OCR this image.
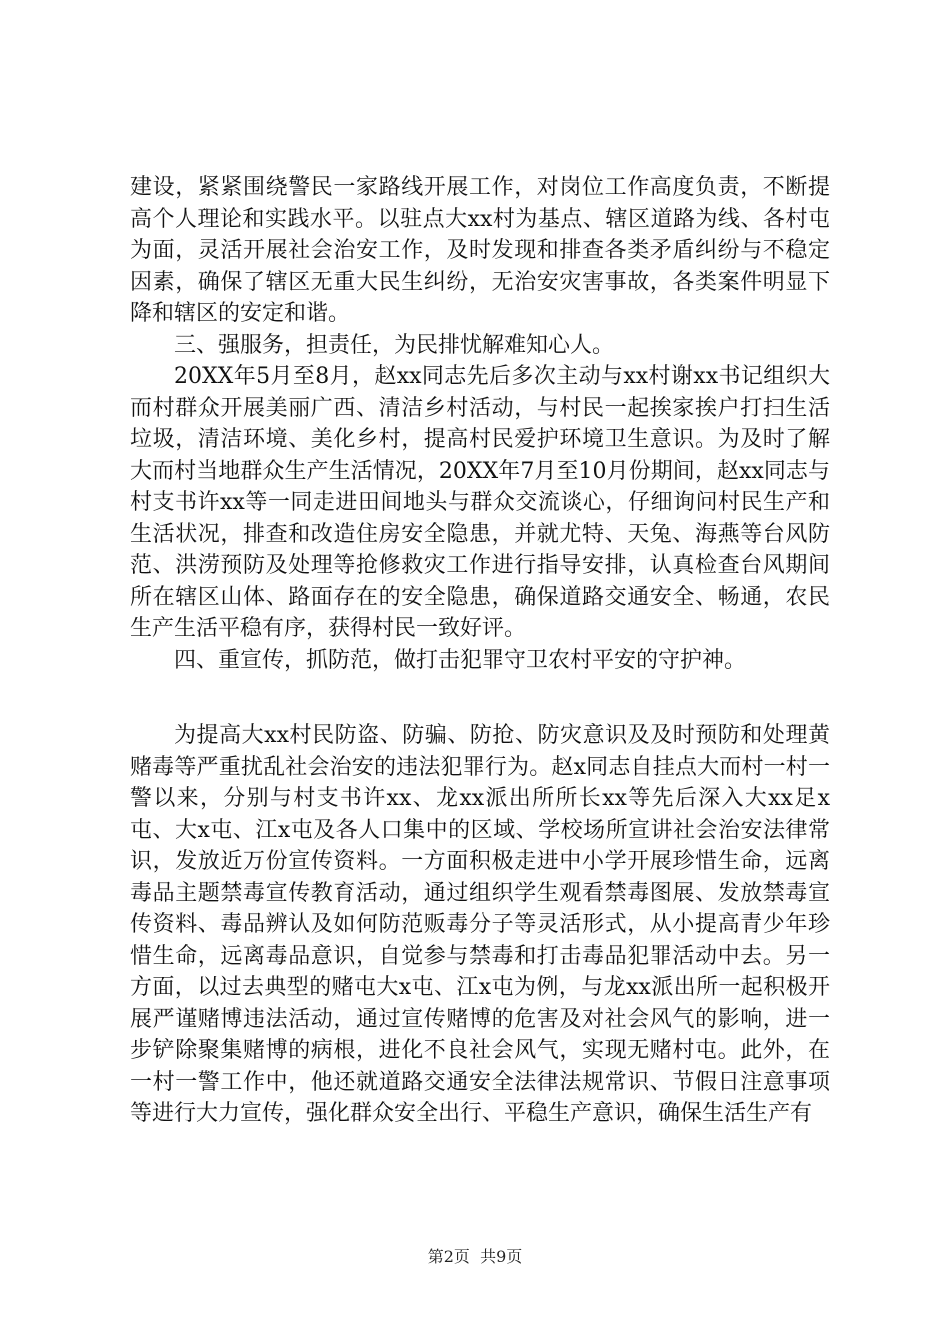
建设，紧紧围绕警民一家路线开展工作，对岗位工作高度负责，不断提高个人理论和实践水平。以驻点大xx村为基点、辖区道路为线、各村屯为面，灵活开展社会治安工作，及时发现和排查各类矛盾纠纷与不稳定因素，确保了辖区无重大民生纠纷，无治安灾害事故，各类案件明显下降和辖区的安定和谐。

三、强服务，担责任，为民排忧解难知心人。

20XX年5月至8月，赵xx同志先后多次主动与xx村谢xx书记组织大而村群众开展美丽广西、清洁乡村活动，与村民一起挨家挨户打扫生活垃圾，清洁环境、美化乡村，提高村民爱护环境卫生意识。为及时了解大而村当地群众生产生活情况，20XX年7月至10月份期间，赵xx同志与村支书许xx等一同走进田间地头与群众交流谈心，仔细询问村民生产和生活状况，排查和改造住房安全隐患，并就尤特、天兔、海燕等台风防范、洪涝预防及处理等抢修救灾工作进行指导安排，认真检查台风期间所在辖区山体、路面存在的安全隐患，确保道路交通安全、畅通，农民生产生活平稳有序，获得村民一致好评。

四、重宣传，抓防范，做打击犯罪守卫农村平安的守护神。

为提高大xx村民防盗、防骗、防抢、防灾意识及及时预防和处理黄赌毒等严重扰乱社会治安的违法犯罪行为。赵x同志自挂点大而村一村一警以来，分别与村支书许xx、龙xx派出所所长xx等先后深入大xx足x屯、大x屯、江x屯及各人口集中的区域、学校场所宣讲社会治安法律常识，发放近万份宣传资料。一方面积极走进中小学开展珍惜生命，远离毒品主题禁毒宣传教育活动，通过组织学生观看禁毒图展、发放禁毒宣传资料、毒品辨认及如何防范贩毒分子等灵活形式，从小提高青少年珍惜生命，远离毒品意识，自觉参与禁毒和打击毒品犯罪活动中去。另一方面，以过去典型的赌屯大x屯、江x屯为例，与龙xx派出所一起积极开展严谨赌博违法活动，通过宣传赌博的危害及对社会风气的影响，进一步铲除聚集赌博的病根，进化不良社会风气，实现无赌村屯。此外，在一村一警工作中，他还就道路交通安全法律法规常识、节假日注意事项等进行大力宣传，强化群众安全出行、平稳生产意识，确保生活生产有

第2页  共9页
